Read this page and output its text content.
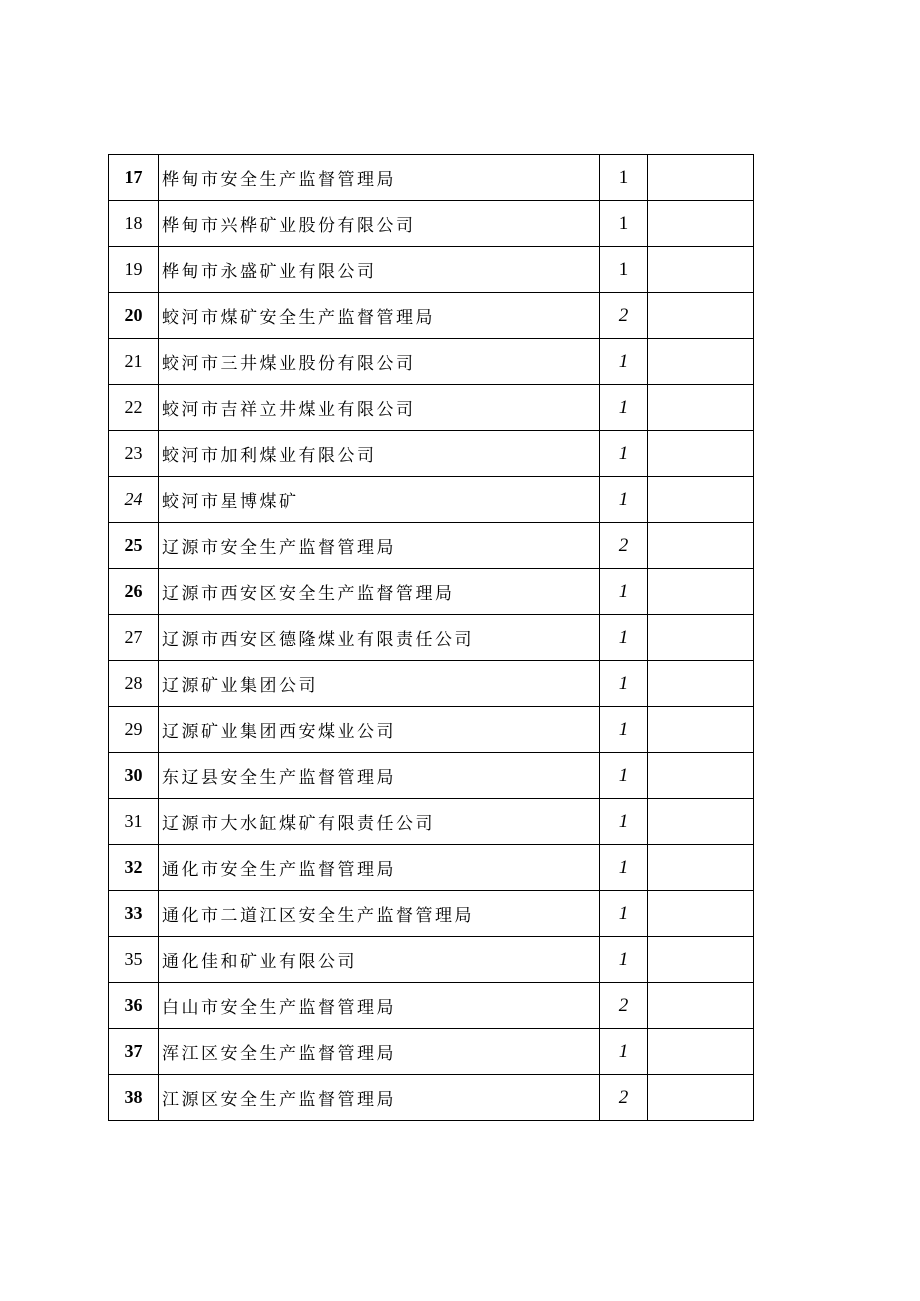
17	桦甸市安全生产监督管理局	1	
18	桦甸市兴桦矿业股份有限公司	1	
19	桦甸市永盛矿业有限公司	1	
20	蛟河市煤矿安全生产监督管理局	2	
21	蛟河市三井煤业股份有限公司	1	
22	蛟河市吉祥立井煤业有限公司	1	
23	蛟河市加利煤业有限公司	1	
24	蛟河市星博煤矿	1	
25	辽源市安全生产监督管理局	2	
26	辽源市西安区安全生产监督管理局	1	
27	辽源市西安区德隆煤业有限责任公司	1	
28	辽源矿业集团公司	1	
29	辽源矿业集团西安煤业公司	1	
30	东辽县安全生产监督管理局	1	
31	辽源市大水缸煤矿有限责任公司	1	
32	通化市安全生产监督管理局	1	
33	通化市二道江区安全生产监督管理局	1	
35	通化佳和矿业有限公司	1	
36	白山市安全生产监督管理局	2	
37	浑江区安全生产监督管理局	1	
38	江源区安全生产监督管理局	2	
